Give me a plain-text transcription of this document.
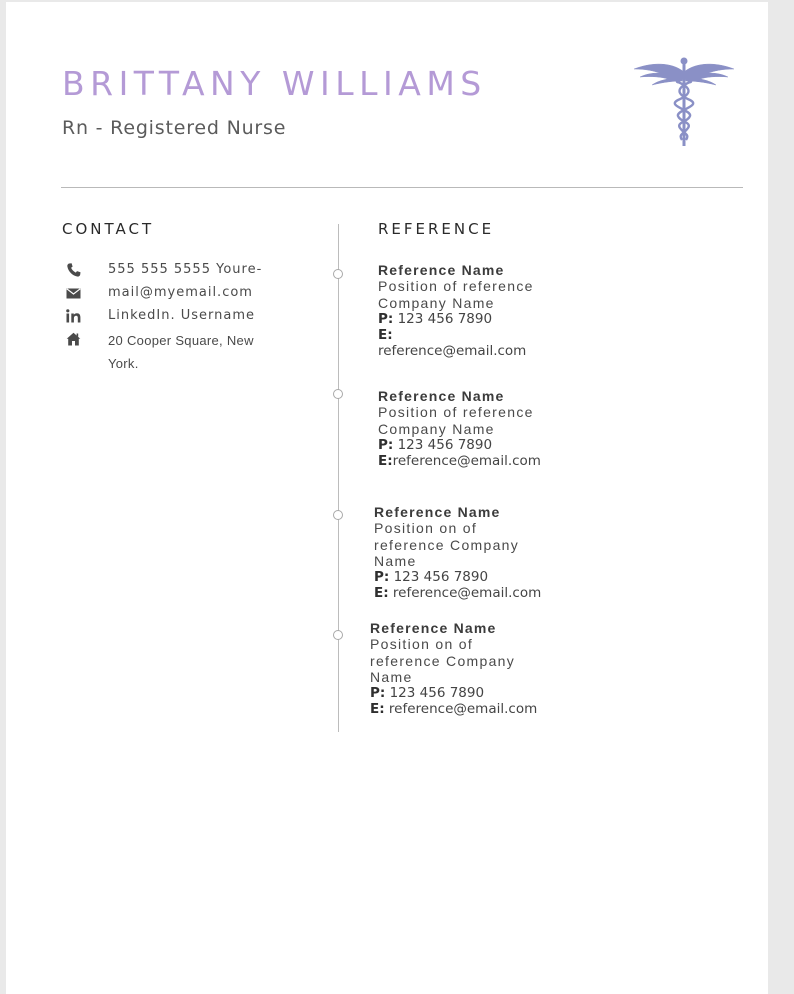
BRITTANY WILLIAMS
Rn - Registered Nurse
CONTACT	REFERENCE
555 555 5555 Youre-
mail@myemail.com
LinkedIn. Username
20 Cooper Square, New York.
Reference Name
Position of reference Company Name
P: 123 456 7890
E:
reference@email.com
Reference Name
Position of reference Company Name
P: 123 456 7890
E:reference@email.com
Reference Name
Position on of reference Company Name
P: 123 456 7890
E: reference@email.com
Reference Name
Position on of reference Company Name
P: 123 456 7890
E: reference@email.com
